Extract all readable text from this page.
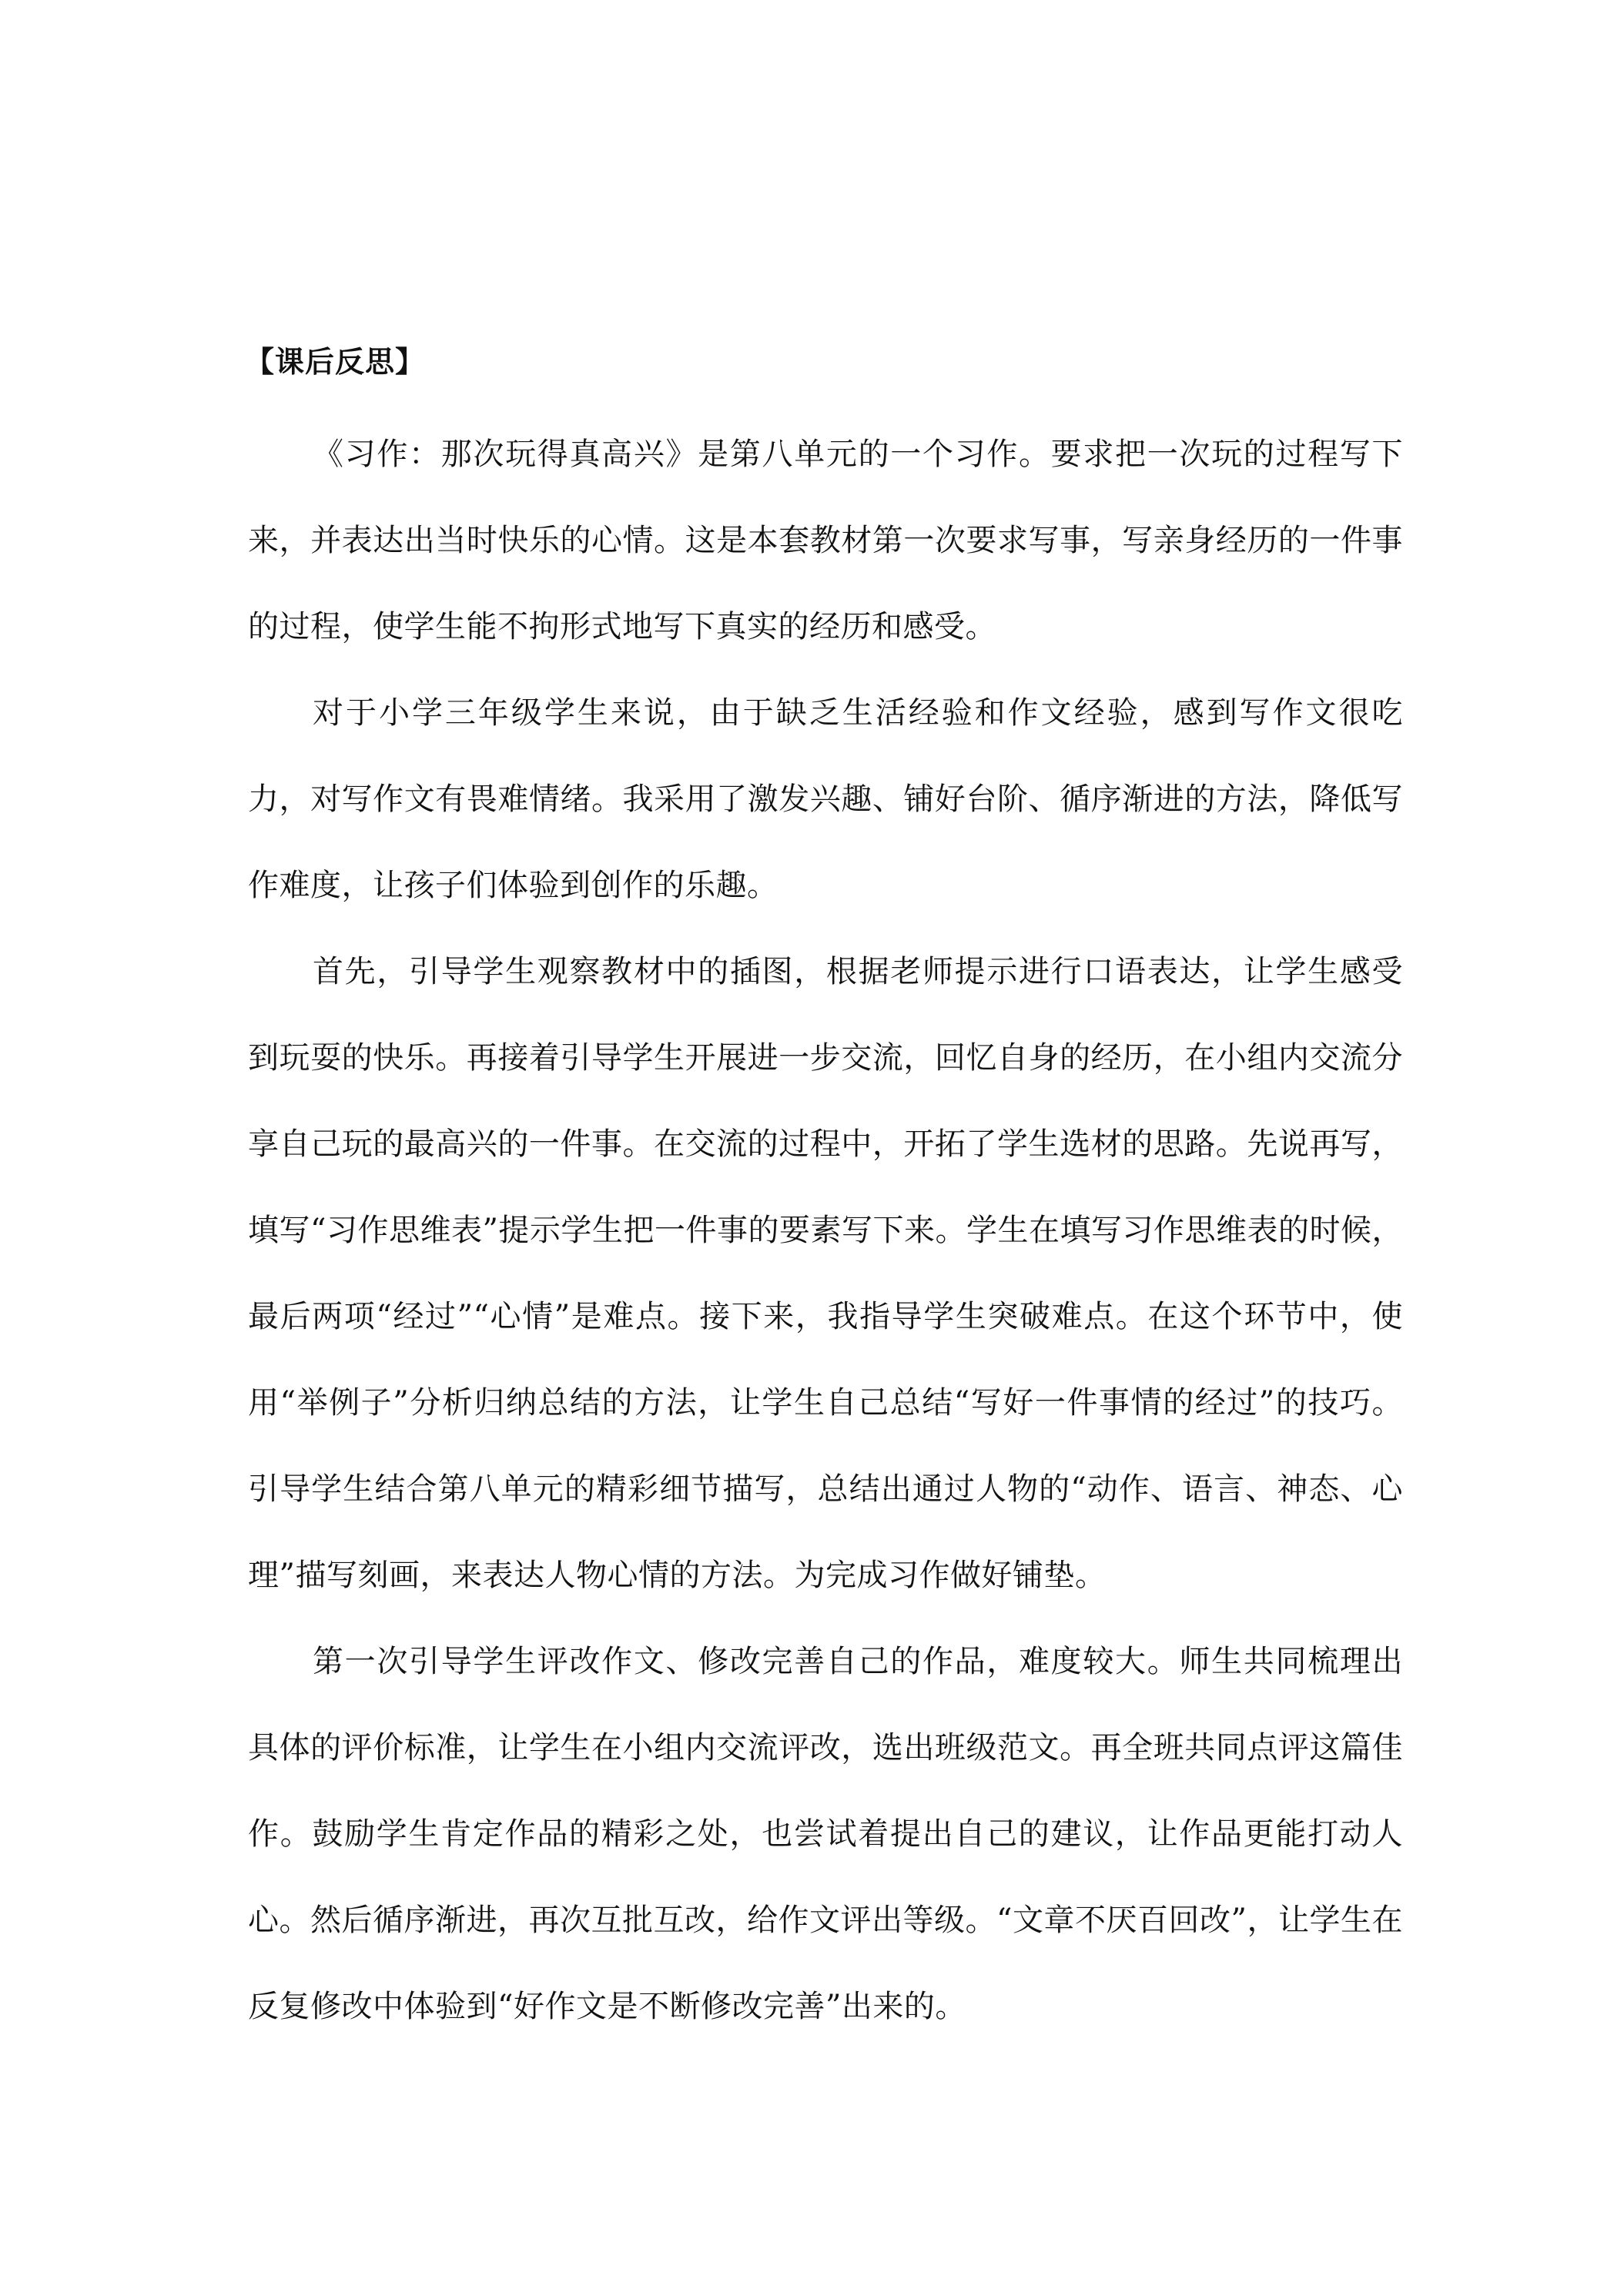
【课后反思】

《习作：那次玩得真高兴》是第八单元的一个习作。要求把一次玩的过程写下来，并表达出当时快乐的心情。这是本套教材第一次要求写事，写亲身经历的一件事的过程，使学生能不拘形式地写下真实的经历和感受。

对于小学三年级学生来说，由于缺乏生活经验和作文经验，感到写作文很吃力，对写作文有畏难情绪。我采用了激发兴趣、铺好台阶、循序渐进的方法，降低写作难度，让孩子们体验到创作的乐趣。

首先，引导学生观察教材中的插图，根据老师提示进行口语表达，让学生感受到玩耍的快乐。再接着引导学生开展进一步交流，回忆自身的经历，在小组内交流分享自己玩的最高兴的一件事。在交流的过程中，开拓了学生选材的思路。先说再写，填写“习作思维表”提示学生把一件事的要素写下来。学生在填写习作思维表的时候，最后两项“经过”“心情”是难点。接下来，我指导学生突破难点。在这个环节中，使用“举例子”分析归纳总结的方法，让学生自己总结“写好一件事情的经过”的技巧。引导学生结合第八单元的精彩细节描写，总结出通过人物的“动作、语言、神态、心理”描写刻画，来表达人物心情的方法。为完成习作做好铺垫。

第一次引导学生评改作文、修改完善自己的作品，难度较大。师生共同梳理出具体的评价标准，让学生在小组内交流评改，选出班级范文。再全班共同点评这篇佳作。鼓励学生肯定作品的精彩之处，也尝试着提出自己的建议，让作品更能打动人心。然后循序渐进，再次互批互改，给作文评出等级。“文章不厌百回改”，让学生在反复修改中体验到“好作文是不断修改完善”出来的。
